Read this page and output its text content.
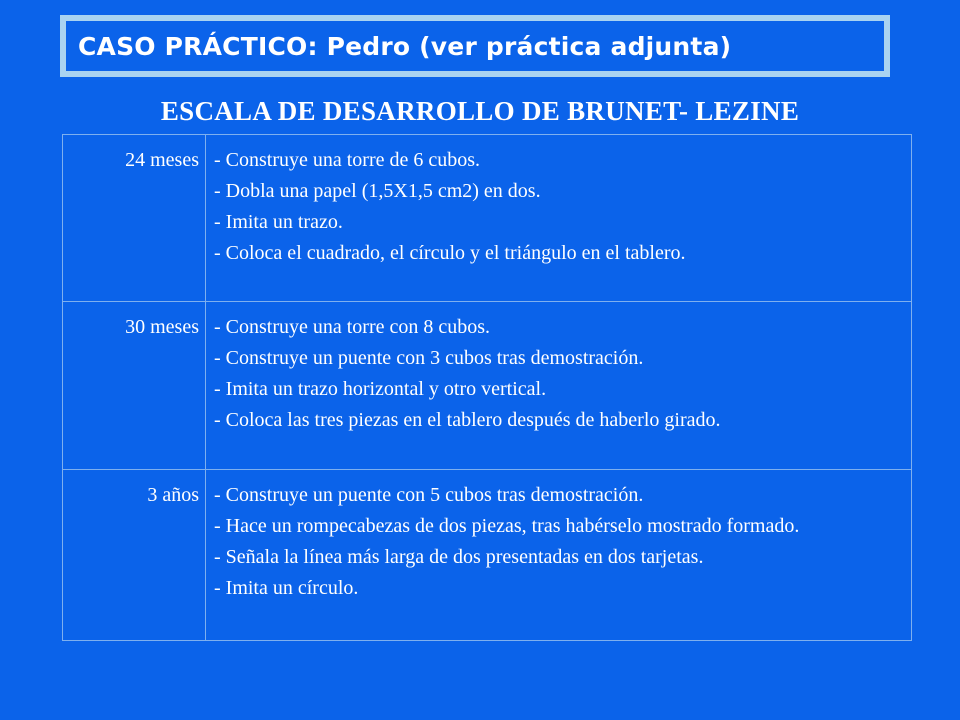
CASO PRÁCTICO: Pedro (ver práctica adjunta)
ESCALA DE DESARROLLO DE BRUNET- LEZINE
24 meses	- Construye una torre de 6 cubos.
- Dobla una papel (1,5X1,5 cm2) en dos.
- Imita un trazo.
- Coloca el cuadrado, el círculo y el triángulo en el tablero.

30 meses	- Construye una torre con 8 cubos.
- Construye un puente con 3 cubos tras demostración.
- Imita un trazo horizontal y otro vertical.
- Coloca las tres piezas en el tablero después de haberlo girado.

3 años	- Construye un puente con 5 cubos tras demostración.
- Hace un rompecabezas de dos piezas, tras habérselo mostrado formado.
- Señala la línea más larga de dos presentadas en dos tarjetas.
- Imita un círculo.
